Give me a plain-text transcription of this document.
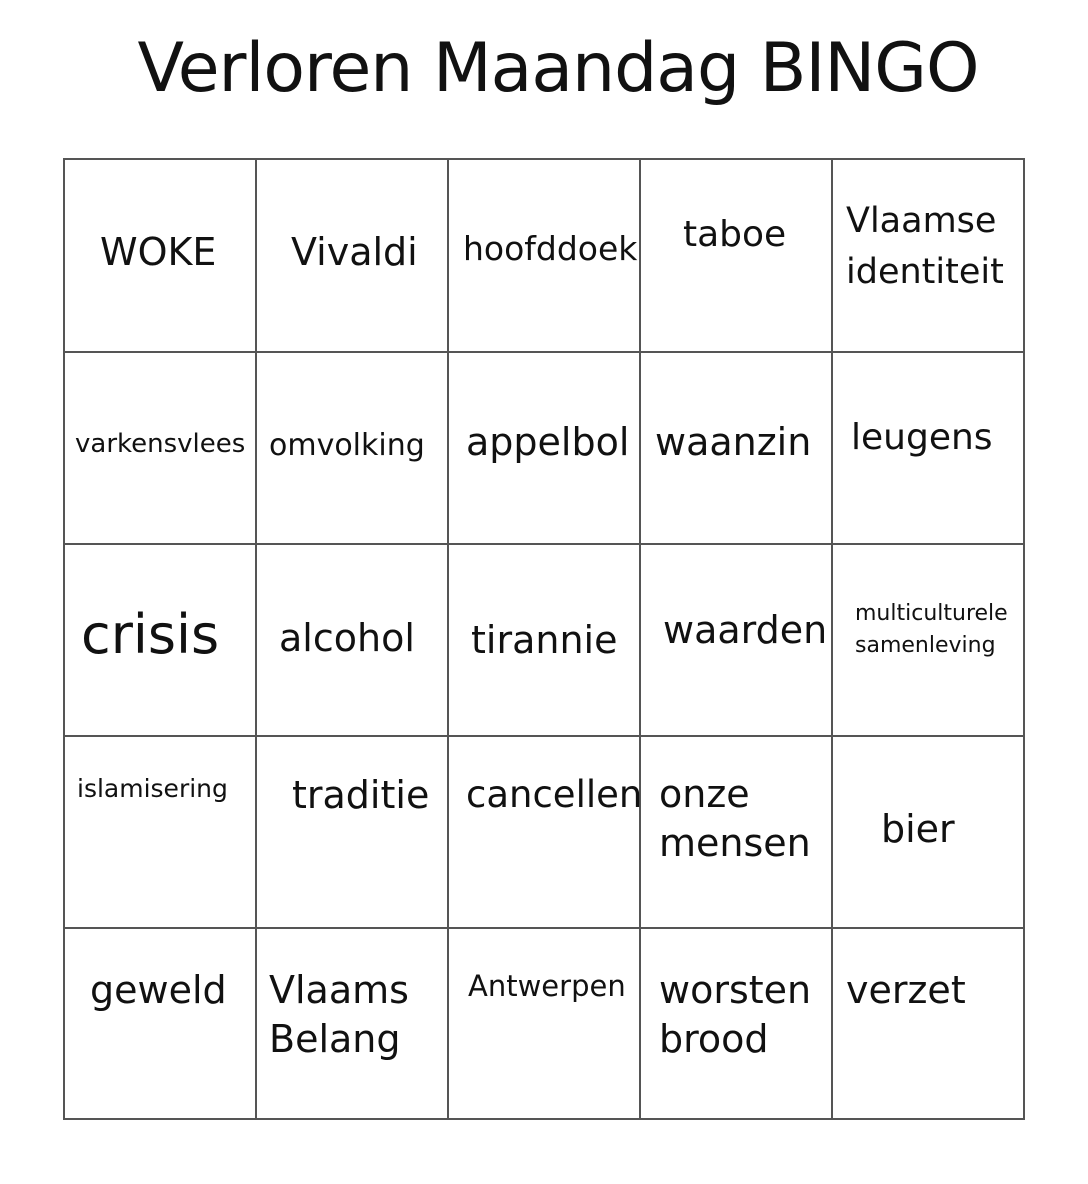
Verloren Maandag BINGO
WOKE Vivaldi hoofddoek taboe Vlaamse identiteit
varkensvlees omvolking appelbol waanzin leugens
crisis alcohol tirannie waarden multiculturele samenleving
islamisering traditie cancellen onze mensen	bier
geweld Vlaams Belang
Antwerpen worsten brood
verzet
